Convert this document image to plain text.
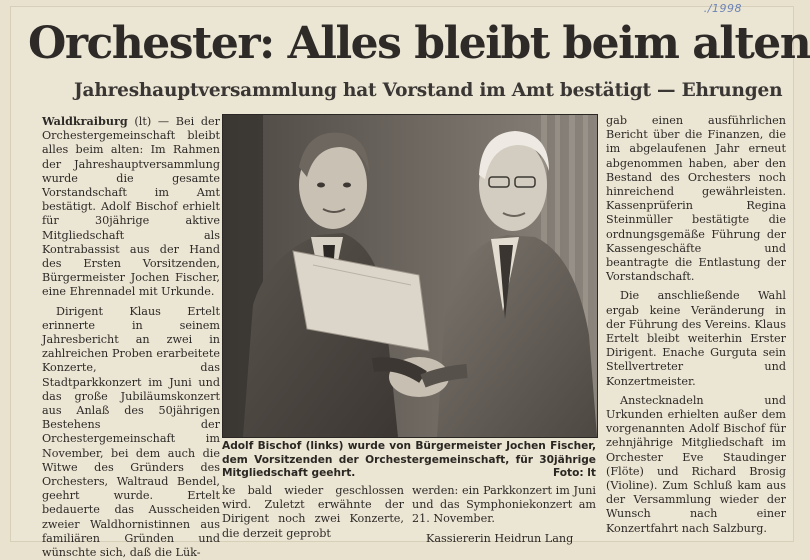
./1998
Orchester: Alles bleibt beim alten
Jahreshauptversammlung hat Vorstand im Amt bestätigt — Ehrungen

Waldkraiburg (lt) — Bei der Orchestergemeinschaft bleibt alles beim alten: Im Rahmen der Jahreshauptversammlung wurde die gesamte Vorstandschaft im Amt bestätigt. Adolf Bischof erhielt für 30jährige aktive Mitgliedschaft als Kontrabassist aus der Hand des Ersten Vorsitzenden, Bürgermeister Jochen Fischer, eine Ehrennadel mit Urkunde.

Dirigent Klaus Ertelt erinnerte in seinem Jahresbericht an zwei in zahlreichen Proben erarbeitete Konzerte, das Stadtparkkonzert im Juni und das große Jubiläumskonzert aus Anlaß des 50jährigen Bestehens der Orchestergemeinschaft im November, bei dem auch die Witwe des Gründers des Orchesters, Waltraud Bendel, geehrt wurde. Ertelt bedauerte das Ausscheiden zweier Waldhornistinnen aus familiären Gründen und wünschte sich, daß die Lük-

Adolf Bischof (links) wurde von Bürgermeister Jochen Fischer, dem Vorsitzenden der Orchestergemeinschaft, für 30jährige Mitgliedschaft geehrt.	Foto: lt

ke bald wieder geschlossen wird. Zuletzt erwähnte der Dirigent noch zwei Konzerte, die derzeit geprobt

werden: ein Parkkonzert im Juni und das Symphoniekonzert am 21. November.

Kassiererin Heidrun Lang

gab einen ausführlichen Bericht über die Finanzen, die im abgelaufenen Jahr erneut abgenommen haben, aber den Bestand des Orchesters noch hinreichend gewährleisten. Kassenprüferin Regina Steinmüller bestätigte die ordnungsgemäße Führung der Kassengeschäfte und beantragte die Entlastung der Vorstandschaft.

Die anschließende Wahl ergab keine Veränderung in der Führung des Vereins. Klaus Ertelt bleibt weiterhin Erster Dirigent. Enache Gurguta sein Stellvertreter und Konzertmeister.

Anstecknadeln und Urkunden erhielten außer dem vorgenannten Adolf Bischof für zehnjährige Mitgliedschaft im Orchester Eve Staudinger (Flöte) und Richard Brosig (Violine). Zum Schluß kam aus der Versammlung wieder der Wunsch nach einer Konzertfahrt nach Salzburg.
